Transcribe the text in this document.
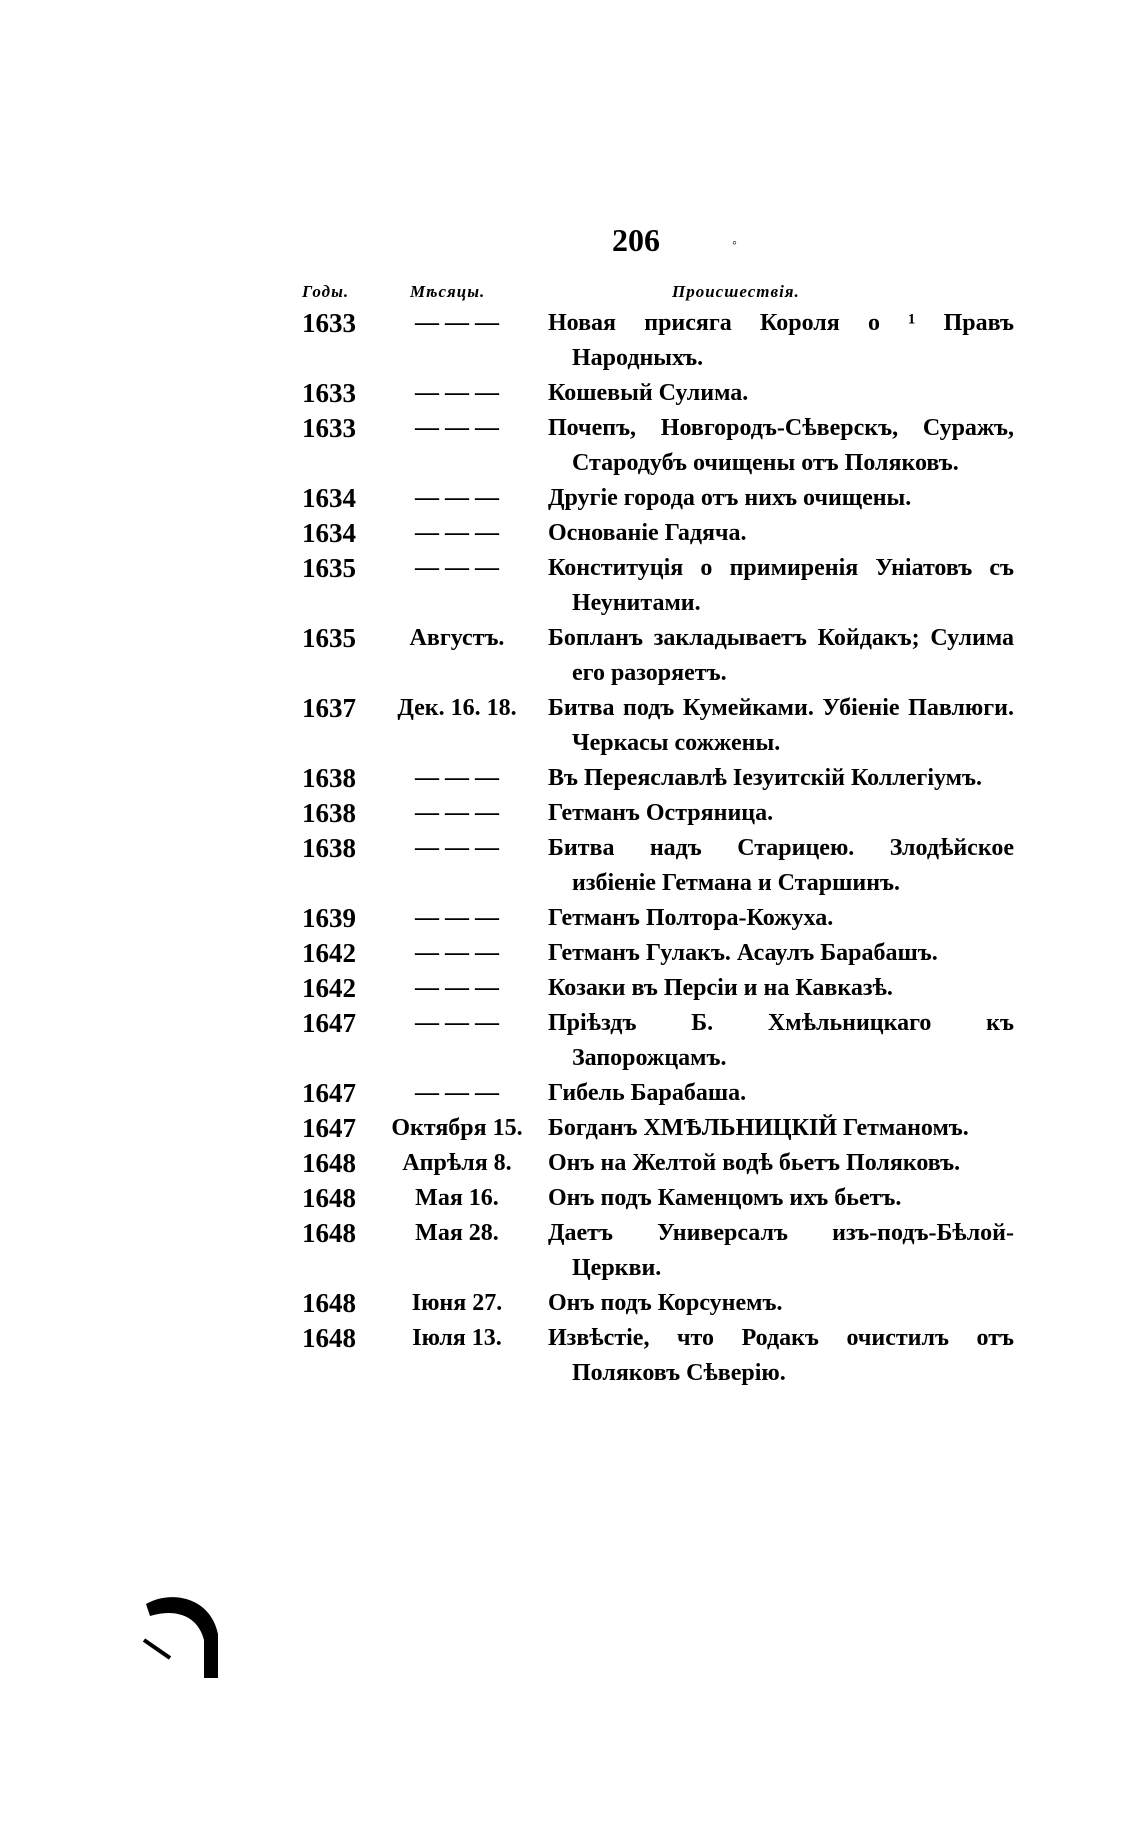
206	◦
Годы.	Мѣсяцы.	Происшествія.
1633	— — —	Новая присяга Короля о ¹ Правъ Народныхъ.
1633	— — —	Кошевый Сулима.
1633	— — —	Почепъ, Новгородъ-Сѣверскъ, Суражъ, Стародубъ очищены отъ Поляковъ.
1634	— — —	Другіе города отъ нихъ очищены.
1634	— — —	Основаніе Гадяча.
1635	— — —	Конституція о примиренія Уніатовъ съ Неунитами.
1635	Августъ.	Бопланъ закладываетъ Койдакъ; Сулима его разоряетъ.
1637	Дек. 16. 18.	Битва подъ Кумейками. Убіеніе Павлюги. Черкасы сожжены.
1638	— — —	Въ Переяславлѣ Iезуитскій Коллегіумъ.
1638	— — —	Гетманъ Остряница.
1638	— — —	Битва надъ Старицею. Злодѣйское избіеніе Гетмана и Старшинъ.
1639	— — —	Гетманъ Полтора-Кожуха.
1642	— — —	Гетманъ Гулакъ. Асаулъ Барабашъ.
1642	— — —	Козаки въ Персіи и на Кавказѣ.
1647	— — —	Пріѣздъ Б. Хмѣльницкаго къ Запорожцамъ.
1647	— — —	Гибель Барабаша.
1647	Октября 15.	Богданъ ХМѢЛЬНИЦКІЙ Гетманомъ.
1648	Апрѣля 8.	Онъ на Желтой водѣ бьетъ Поляковъ.
1648	Мая 16.	Онъ подъ Каменцомъ ихъ бьетъ.
1648	Мая 28.	Даетъ Универсалъ изъ-подъ-Бѣлой-Церкви.
1648	Іюня 27.	Онъ подъ Корсунемъ.
1648	Іюля 13.	Извѣстіе, что Родакъ очистилъ отъ Поляковъ Сѣверію.
